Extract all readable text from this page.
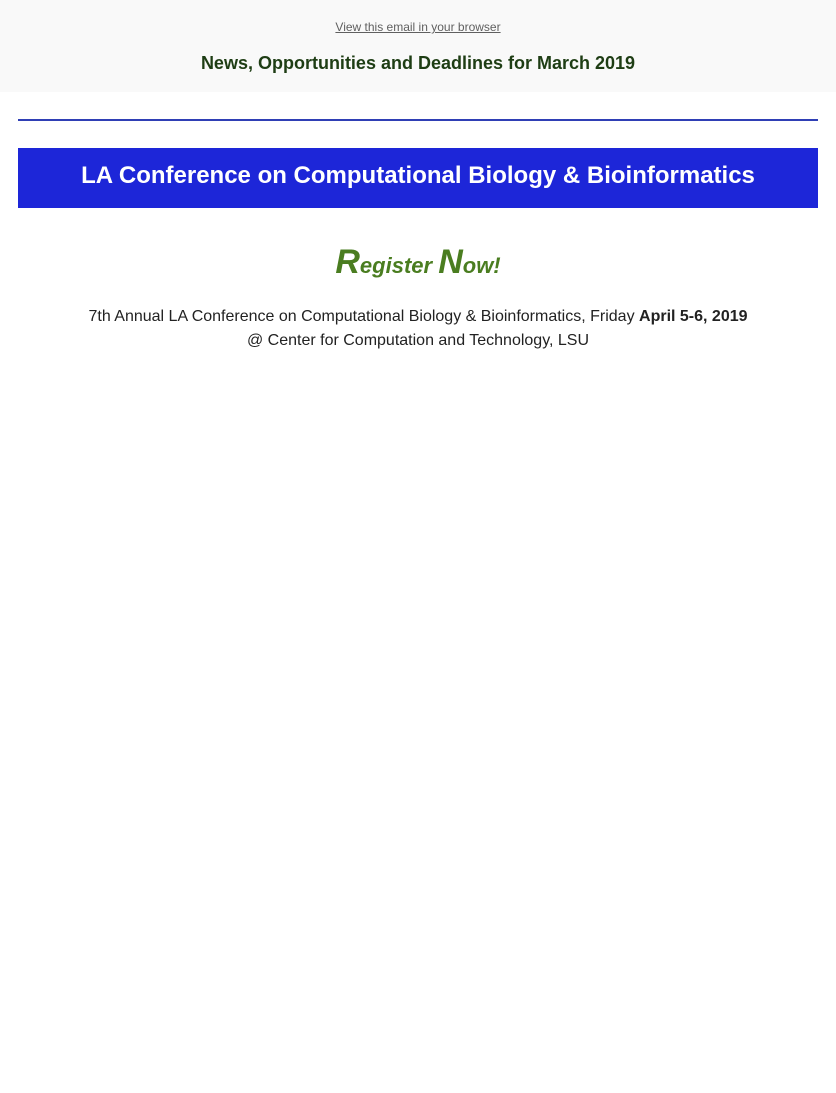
View this email in your browser
News, Opportunities and Deadlines for March 2019
LA Conference on Computational Biology & Bioinformatics
Register Now!
7th Annual LA Conference on Computational Biology & Bioinformatics, Friday April 5-6, 2019
@ Center for Computation and Technology, LSU
